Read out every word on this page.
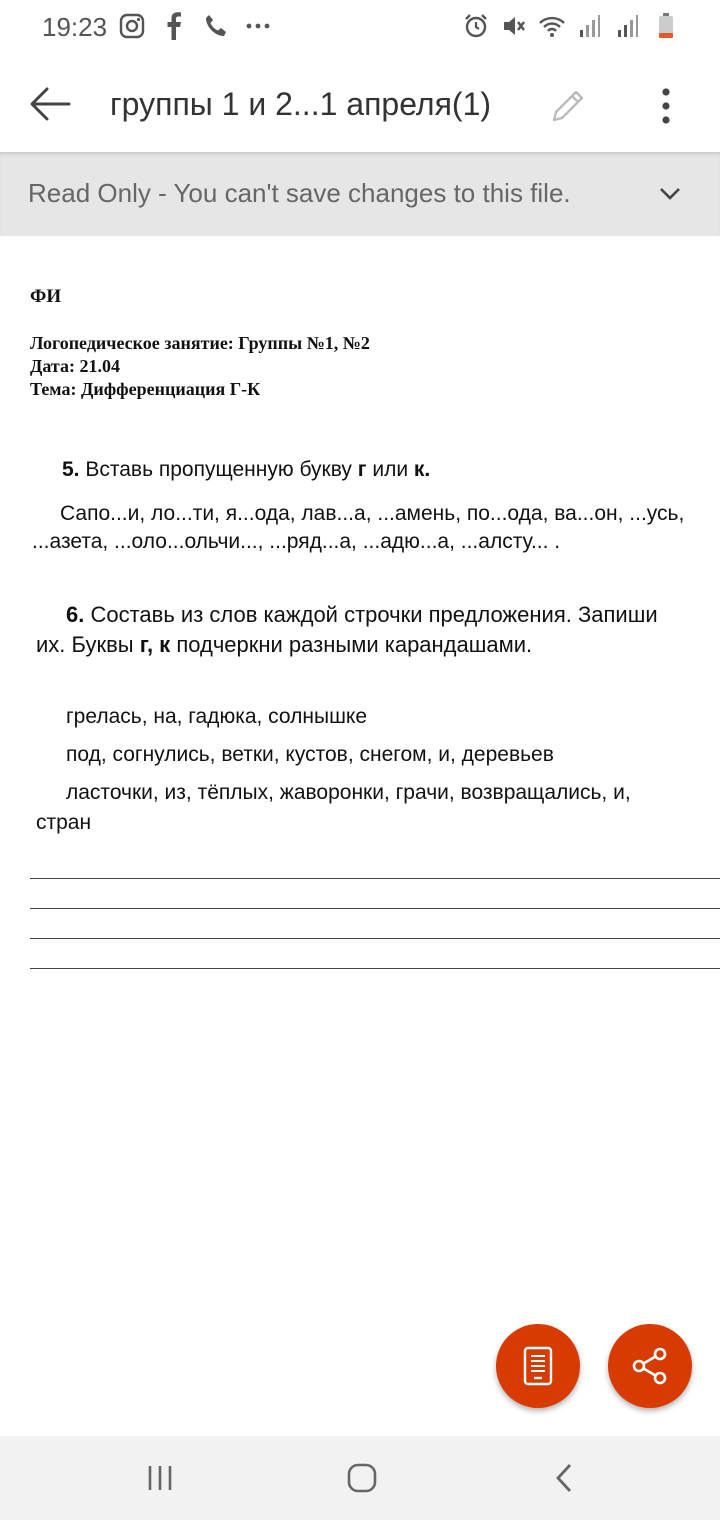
19:23
группы 1 и 2...1 апреля(1)
Read Only - You can't save changes to this file.
ФИ
Логопедическое занятие: Группы №1, №2
Дата: 21.04
Тема: Дифференциация Г-К
5. Вставь пропущенную букву г или к.
Сапо...и, ло...ти, я...ода, лав...а, ...амень, по...ода, ва...он, ...усь, ...азета, ...оло...ольчи..., ...ряд...а, ...адю...а, ...алсту... .
6. Составь из слов каждой строчки предложения. Запиши их. Буквы г, к подчеркни разными карандашами.
грелась, на, гадюка, солнышке
под, согнулись, ветки, кустов, снегом, и, деревьев
ласточки, из, тёплых, жаворонки, грачи, возвращались, и, стран
